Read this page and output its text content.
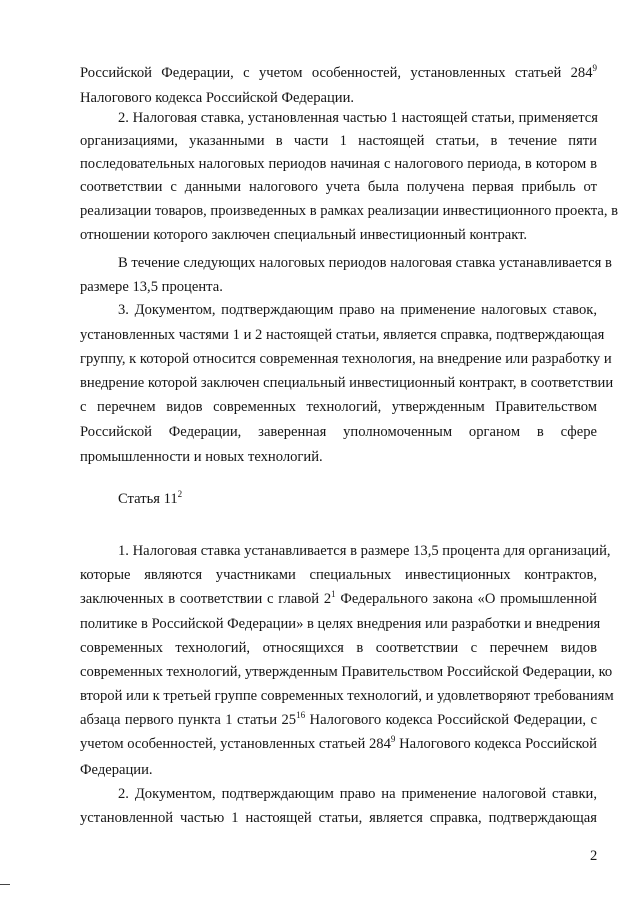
Российской Федерации, с учетом особенностей, установленных статьей $284^9$
Налогового кодекса Российской Федерации.
2. Налоговая ставка, установленная частью 1 настоящей статьи, применяется
организациями, указанными в части 1 настоящей статьи, в течение пяти
последовательных налоговых периодов начиная с налогового периода, в котором в
соответствии с данными налогового учета была получена первая прибыль от
реализации товаров, произведенных в рамках реализации инвестиционного проекта, в
отношении которого заключен специальный инвестиционный контракт.
В течение следующих налоговых периодов налоговая ставка устанавливается в
размере 13,5 процента.
3. Документом, подтверждающим право на применение налоговых ставок,
установленных частями 1 и 2 настоящей статьи, является справка, подтверждающая
группу, к которой относится современная технология, на внедрение или разработку и
внедрение которой заключен специальный инвестиционный контракт, в соответствии
с перечнем видов современных технологий, утвержденным Правительством
Российской Федерации, заверенная уполномоченным органом в сфере
промышленности и новых технологий.
Статья $11^2$
1. Налоговая ставка устанавливается в размере 13,5 процента для организаций,
которые являются участниками специальных инвестиционных контрактов,
заключенных в соответствии с главой $2^1$ Федерального закона «О промышленной
политике в Российской Федерации» в целях внедрения или разработки и внедрения
современных технологий, относящихся в соответствии с перечнем видов
современных технологий, утвержденным Правительством Российской Федерации, ко
второй или к третьей группе современных технологий, и удовлетворяют требованиям
абзаца первого пункта 1 статьи $25^{16}$ Налогового кодекса Российской Федерации, с
учетом особенностей, установленных статьей $284^9$ Налогового кодекса Российской
Федерации.
2. Документом, подтверждающим право на применение налоговой ставки,
установленной частью 1 настоящей статьи, является справка, подтверждающая
2
